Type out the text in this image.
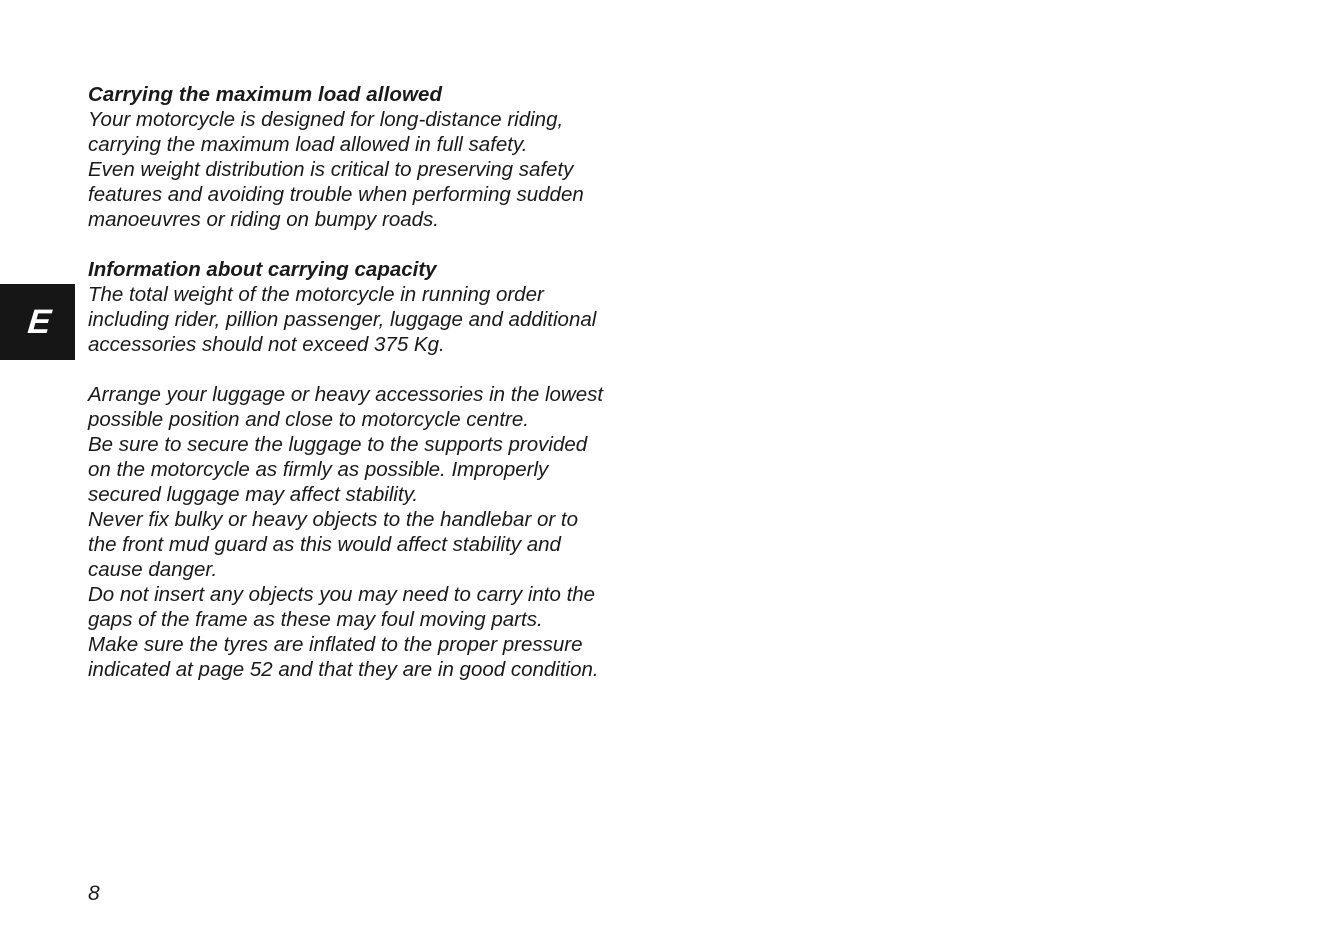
E

Carrying the maximum load allowed

Your motorcycle is designed for long-distance riding,

carrying the maximum load allowed in full safety.

Even weight distribution is critical to preserving safety

features and avoiding trouble when performing sudden

manoeuvres or riding on bumpy roads.

Information about carrying capacity

The total weight of the motorcycle in running order

including rider, pillion passenger, luggage and additional

accessories should not exceed 375 Kg.

Arrange your luggage or heavy accessories in the lowest

possible position and close to motorcycle centre.

Be sure to secure the luggage to the supports provided

on the motorcycle as firmly as possible. Improperly

secured luggage may affect stability.

Never fix bulky or heavy objects to the handlebar or to

the front mud guard as this would affect stability and

cause danger.

Do not insert any objects you may need to carry into the

gaps of the frame as these may foul moving parts.

Make sure the tyres are inflated to the proper pressure

indicated at page 52 and that they are in good condition.

8
